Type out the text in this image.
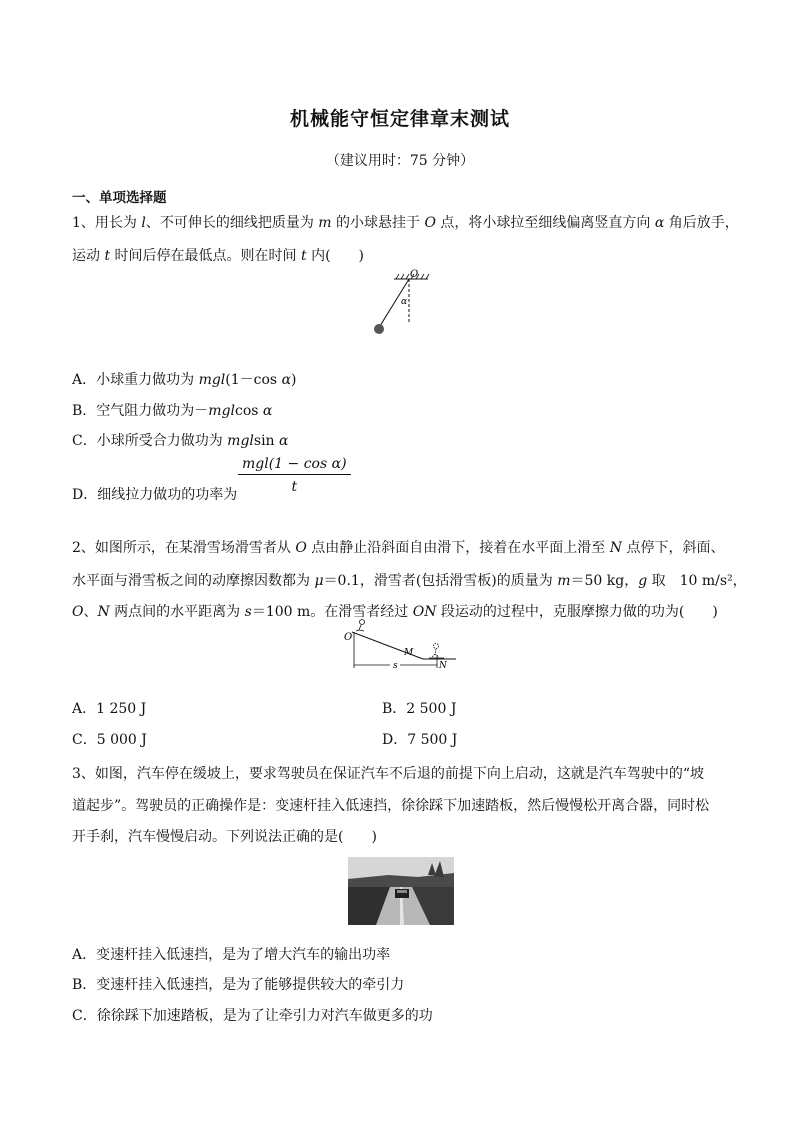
机械能守恒定律章末测试
（建议用时：75 分钟）
一、单项选择题
1、用长为 l、不可伸长的细线把质量为 m 的小球悬挂于 O 点，将小球拉至细线偏离竖直方向 α 角后放手，
运动 t 时间后停在最低点。则在时间 t 内(　　)
O
α
A．小球重力做功为 mgl(1－cos α)
B．空气阻力做功为－mglcos α
C．小球所受合力做功为 mglsin α
D．细线拉力做功的功率为
mgl(1 − cos α)
t
2、如图所示，在某滑雪场滑雪者从 O 点由静止沿斜面自由滑下，接着在水平面上滑至 N 点停下，斜面、
水平面与滑雪板之间的动摩擦因数都为 μ＝0.1，滑雪者(包括滑雪板)的质量为 m＝50 kg，g 取　10 m/s²，
O、N 两点间的水平距离为 s＝100 m。在滑雪者经过 ON 段运动的过程中，克服摩擦力做的功为(　　)
O
M
s	N
A．1 250 J	B．2 500 J
C．5 000 J	D．7 500 J
3、如图，汽车停在缓坡上，要求驾驶员在保证汽车不后退的前提下向上启动，这就是汽车驾驶中的“坡
道起步”。驾驶员的正确操作是：变速杆挂入低速挡，徐徐踩下加速踏板，然后慢慢松开离合器，同时松
开手刹，汽车慢慢启动。下列说法正确的是(　　)
A．变速杆挂入低速挡，是为了增大汽车的输出功率
B．变速杆挂入低速挡，是为了能够提供较大的牵引力
C．徐徐踩下加速踏板，是为了让牵引力对汽车做更多的功
